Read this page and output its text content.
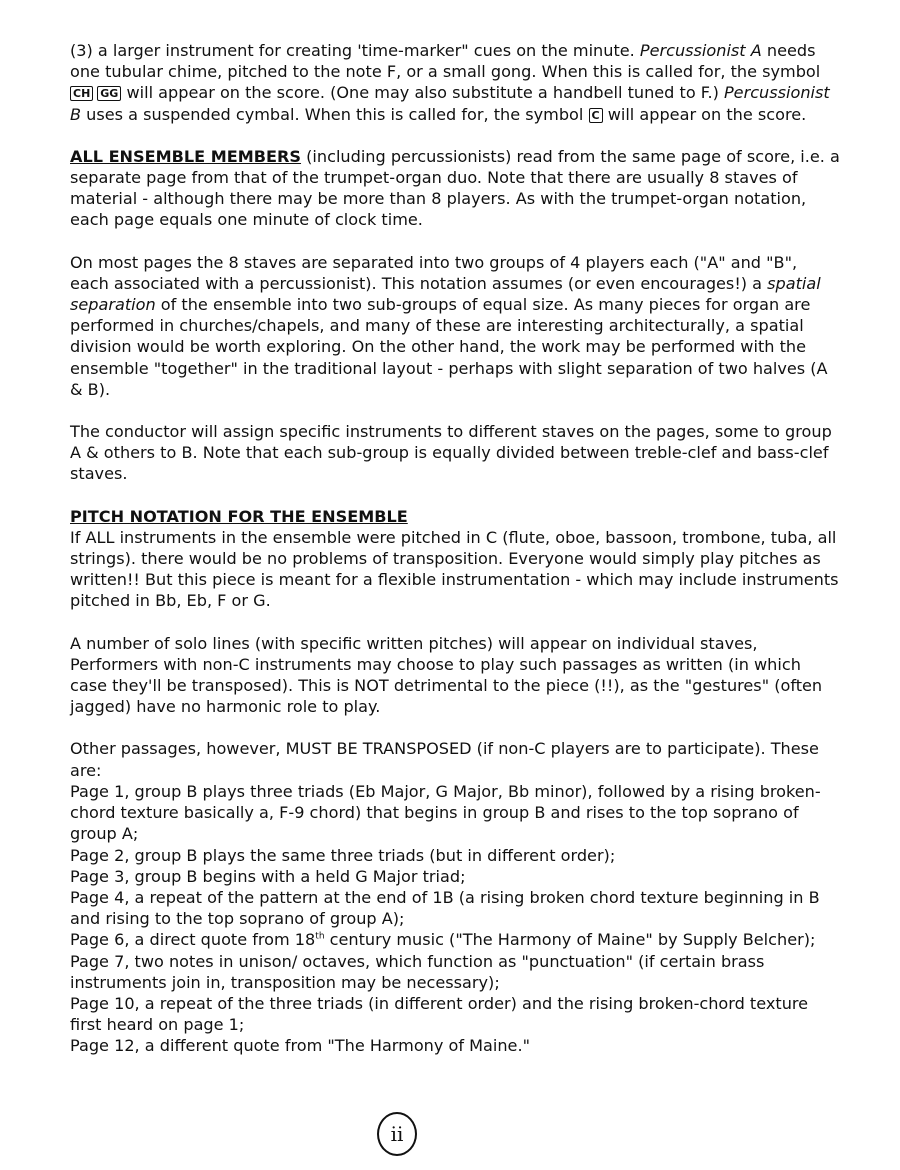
(3) a larger instrument for creating 'time-marker" cues on the minute. Percussionist A needs one tubular chime, pitched to the note F, or a small gong. When this is called for, the symbol CH GG will appear on the score. (One may also substitute a handbell tuned to F.) Percussionist B uses a suspended cymbal. When this is called for, the symbol C will appear on the score.

ALL ENSEMBLE MEMBERS (including percussionists) read from the same page of score, i.e. a separate page from that of the trumpet-organ duo. Note that there are usually 8 staves of material - although there may be more than 8 players. As with the trumpet-organ notation, each page equals one minute of clock time.

On most pages the 8 staves are separated into two groups of 4 players each ("A" and "B", each associated with a percussionist). This notation assumes (or even encourages!) a spatial separation of the ensemble into two sub-groups of equal size. As many pieces for organ are performed in churches/chapels, and many of these are interesting architecturally, a spatial division would be worth exploring. On the other hand, the work may be performed with the ensemble "together" in the traditional layout - perhaps with slight separation of two halves (A & B).

The conductor will assign specific instruments to different staves on the pages, some to group A & others to B. Note that each sub-group is equally divided between treble-clef and bass-clef staves.

PITCH NOTATION FOR THE ENSEMBLE
If ALL instruments in the ensemble were pitched in C (flute, oboe, bassoon, trombone, tuba, all strings). there would be no problems of transposition. Everyone would simply play pitches as written!! But this piece is meant for a flexible instrumentation - which may include instruments pitched in Bb, Eb, F or G.

A number of solo lines (with specific written pitches) will appear on individual staves, Performers with non-C instruments may choose to play such passages as written (in which case they'll be transposed). This is NOT detrimental to the piece (!!), as the "gestures" (often jagged) have no harmonic role to play.

Other passages, however, MUST BE TRANSPOSED (if non-C players are to participate). These are:
Page 1, group B plays three triads (Eb Major, G Major, Bb minor), followed by a rising broken-chord texture basically a, F-9 chord) that begins in group B and rises to the top soprano of group A;
Page 2, group B plays the same three triads (but in different order);
Page 3, group B begins with a held G Major triad;
Page 4, a repeat of the pattern at the end of 1B (a rising broken chord texture beginning in B and rising to the top soprano of group A);
Page 6, a direct quote from 18th century music ("The Harmony of Maine" by Supply Belcher);
Page 7, two notes in unison/ octaves, which function as "punctuation" (if certain brass instruments join in, transposition may be necessary);
Page 10, a repeat of the three triads (in different order) and the rising broken-chord texture first heard on page 1;
Page 12, a different quote from "The Harmony of Maine."

ii
